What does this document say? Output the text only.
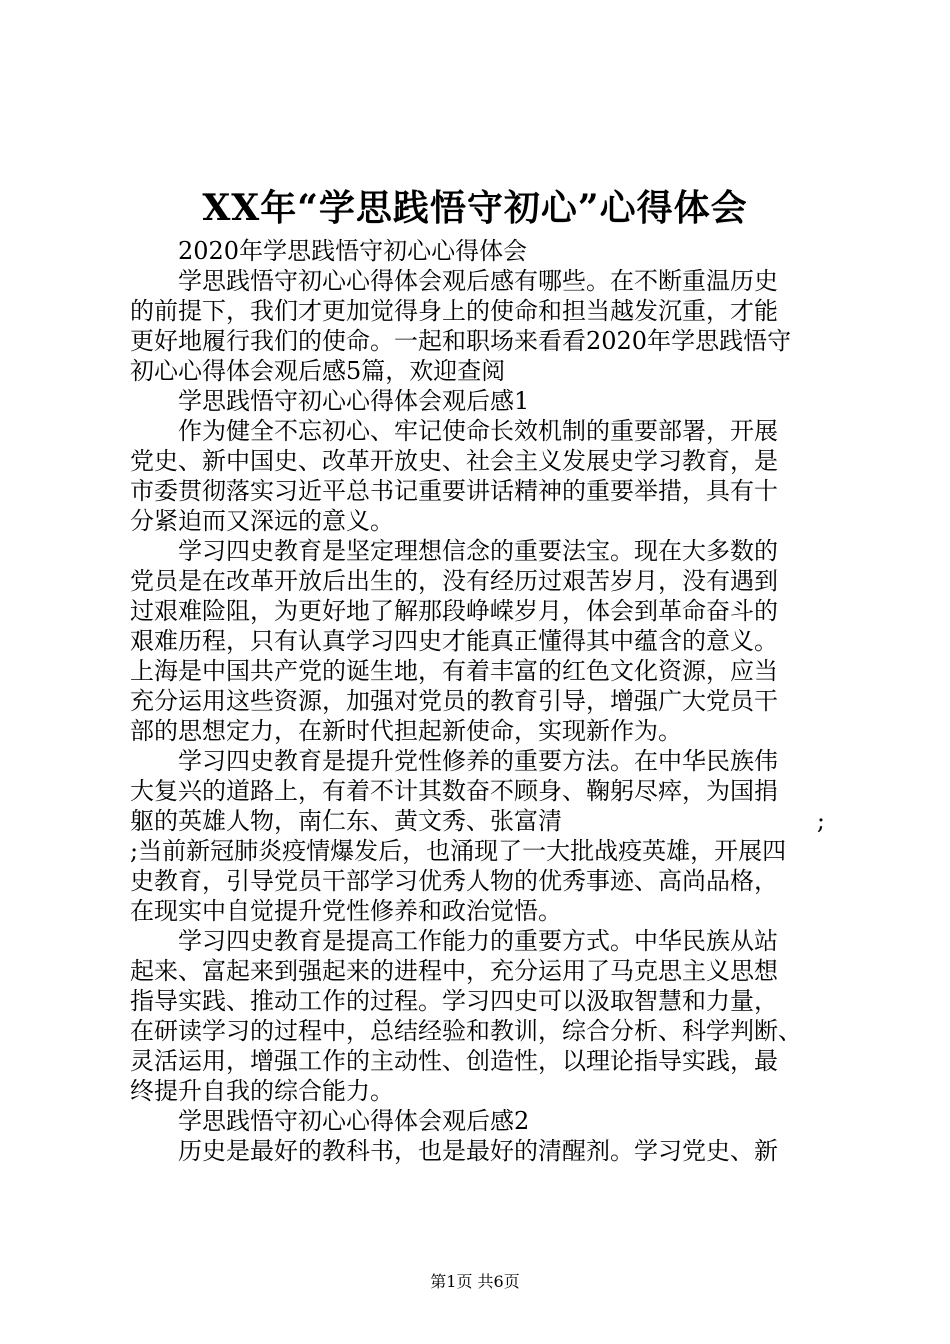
XX年“学思践悟守初心”心得体会
2020年学思践悟守初心心得体会
学思践悟守初心心得体会观后感有哪些。在不断重温历史
的前提下，我们才更加觉得身上的使命和担当越发沉重，才能
更好地履行我们的使命。一起和职场来看看2020年学思践悟守
初心心得体会观后感5篇，欢迎查阅
学思践悟守初心心得体会观后感1
作为健全不忘初心、牢记使命长效机制的重要部署，开展
党史、新中国史、改革开放史、社会主义发展史学习教育，是
市委贯彻落实习近平总书记重要讲话精神的重要举措，具有十
分紧迫而又深远的意义。
学习四史教育是坚定理想信念的重要法宝。现在大多数的
党员是在改革开放后出生的，没有经历过艰苦岁月，没有遇到
过艰难险阻，为更好地了解那段峥嵘岁月，体会到革命奋斗的
艰难历程，只有认真学习四史才能真正懂得其中蕴含的意义。
上海是中国共产党的诞生地，有着丰富的红色文化资源，应当
充分运用这些资源，加强对党员的教育引导，增强广大党员干
部的思想定力，在新时代担起新使命，实现新作为。
学习四史教育是提升党性修养的重要方法。在中华民族伟
大复兴的道路上，有着不计其数奋不顾身、鞠躬尽瘁，为国捐
躯的英雄人物，南仁东、黄文秀、张富清	;
;当前新冠肺炎疫情爆发后，也涌现了一大批战疫英雄，开展四
史教育，引导党员干部学习优秀人物的优秀事迹、高尚品格，
在现实中自觉提升党性修养和政治觉悟。
学习四史教育是提高工作能力的重要方式。中华民族从站
起来、富起来到强起来的进程中，充分运用了马克思主义思想
指导实践、推动工作的过程。学习四史可以汲取智慧和力量，
在研读学习的过程中，总结经验和教训，综合分析、科学判断、
灵活运用，增强工作的主动性、创造性，以理论指导实践，最
终提升自我的综合能力。
学思践悟守初心心得体会观后感2
历史是最好的教科书，也是最好的清醒剂。学习党史、新
第1页 共6页
